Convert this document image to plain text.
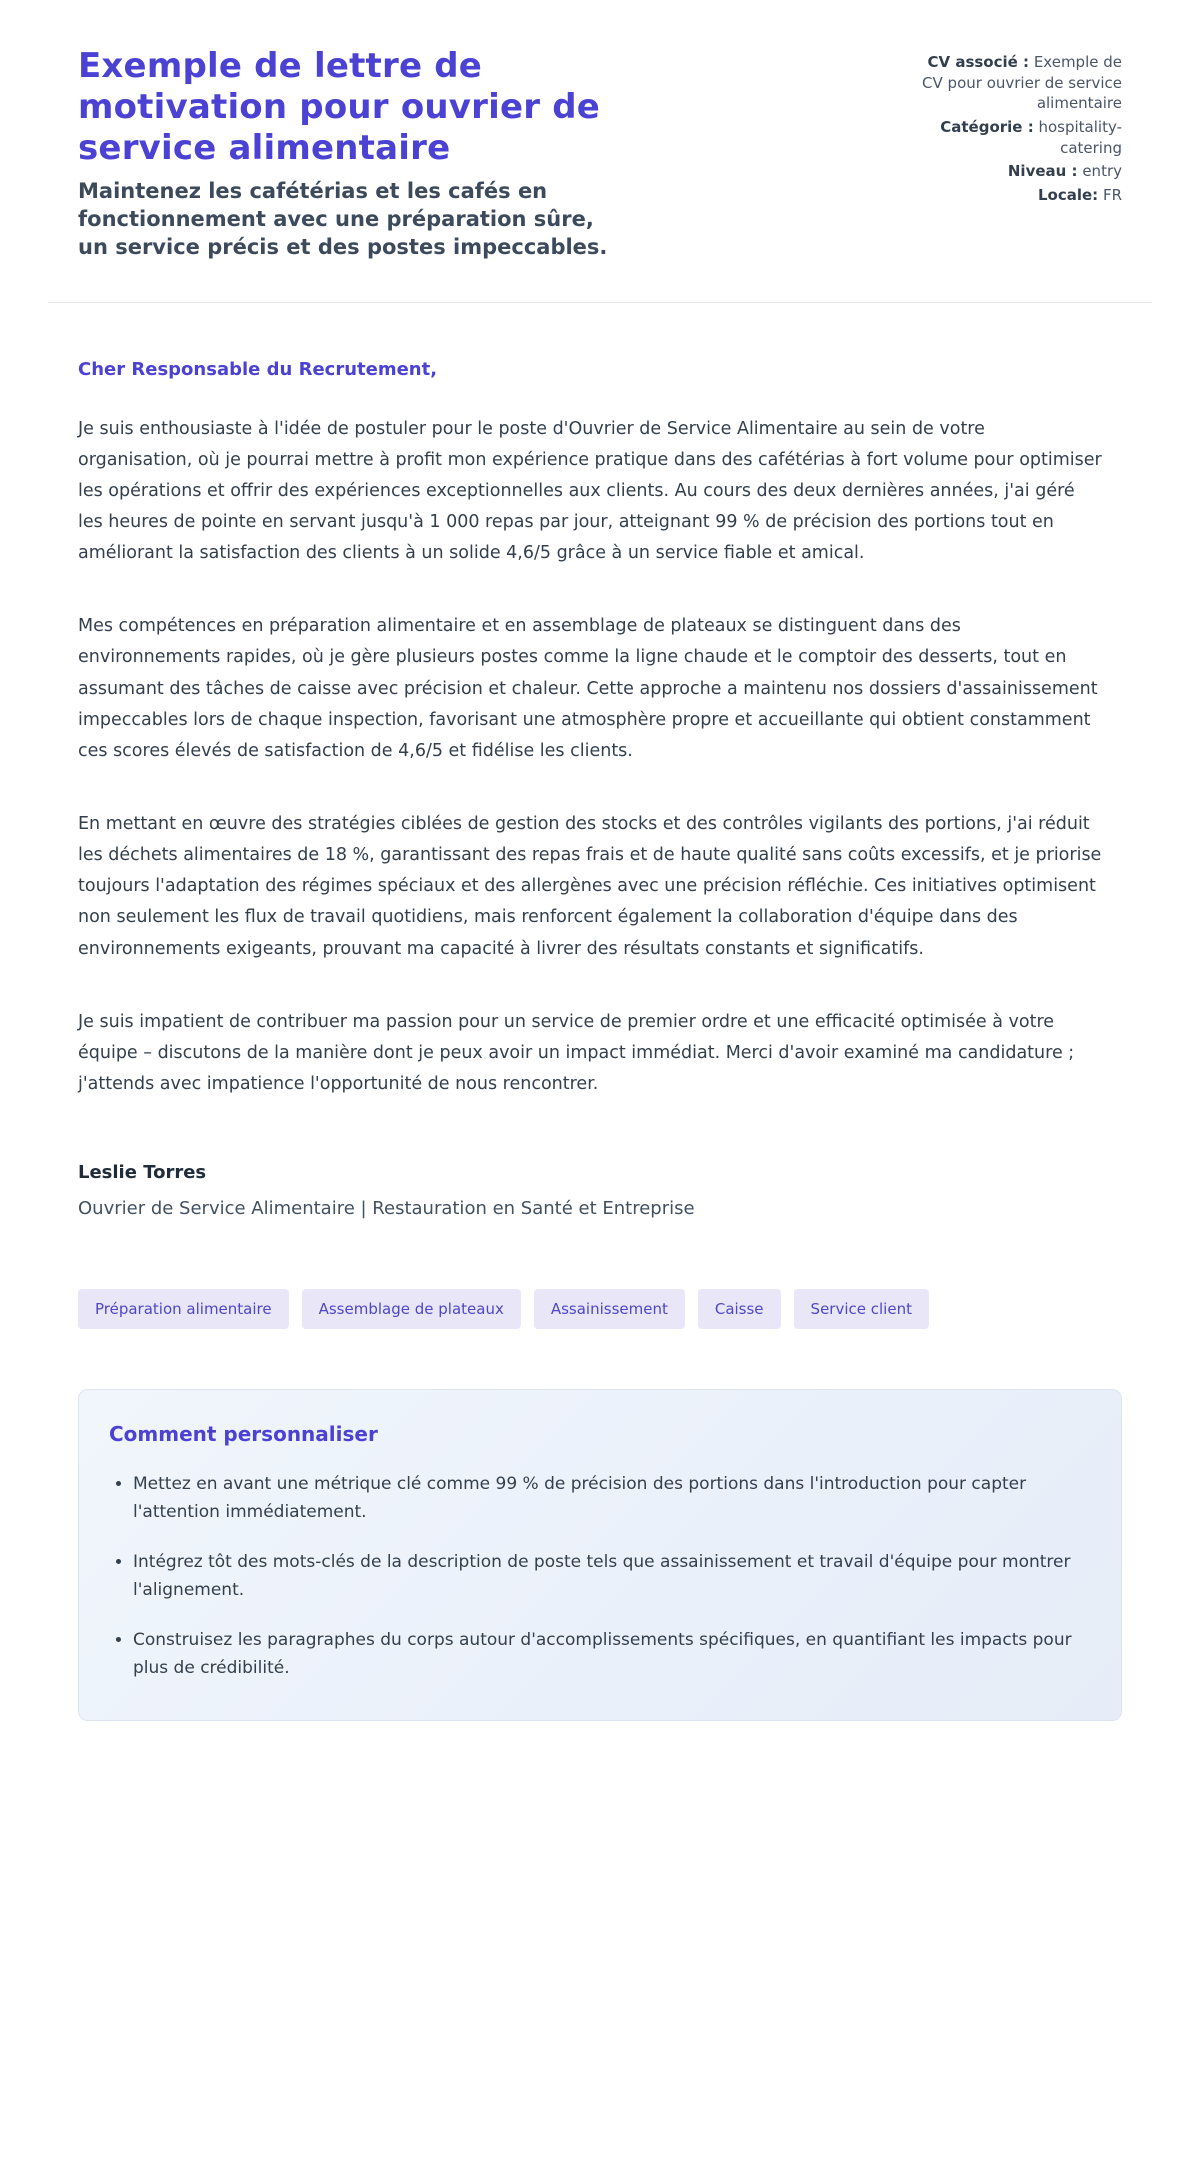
Exemple de lettre de motivation pour ouvrier de service alimentaire
Maintenez les cafétérias et les cafés en fonctionnement avec une préparation sûre, un service précis et des postes impeccables.
CV associé : Exemple de CV pour ouvrier de service alimentaire
Catégorie : hospitality-catering
Niveau : entry
Locale: FR
Cher Responsable du Recrutement,

Je suis enthousiaste à l'idée de postuler pour le poste d'Ouvrier de Service Alimentaire au sein de votre organisation, où je pourrai mettre à profit mon expérience pratique dans des cafétérias à fort volume pour optimiser les opérations et offrir des expériences exceptionnelles aux clients. Au cours des deux dernières années, j'ai géré les heures de pointe en servant jusqu'à 1 000 repas par jour, atteignant 99 % de précision des portions tout en améliorant la satisfaction des clients à un solide 4,6/5 grâce à un service fiable et amical.

Mes compétences en préparation alimentaire et en assemblage de plateaux se distinguent dans des environnements rapides, où je gère plusieurs postes comme la ligne chaude et le comptoir des desserts, tout en assumant des tâches de caisse avec précision et chaleur. Cette approche a maintenu nos dossiers d'assainissement impeccables lors de chaque inspection, favorisant une atmosphère propre et accueillante qui obtient constamment ces scores élevés de satisfaction de 4,6/5 et fidélise les clients.

En mettant en œuvre des stratégies ciblées de gestion des stocks et des contrôles vigilants des portions, j'ai réduit les déchets alimentaires de 18 %, garantissant des repas frais et de haute qualité sans coûts excessifs, et je priorise toujours l'adaptation des régimes spéciaux et des allergènes avec une précision réfléchie. Ces initiatives optimisent non seulement les flux de travail quotidiens, mais renforcent également la collaboration d'équipe dans des environnements exigeants, prouvant ma capacité à livrer des résultats constants et significatifs.

Je suis impatient de contribuer ma passion pour un service de premier ordre et une efficacité optimisée à votre équipe – discutons de la manière dont je peux avoir un impact immédiat. Merci d'avoir examiné ma candidature ; j'attends avec impatience l'opportunité de nous rencontrer.

Leslie Torres
Ouvrier de Service Alimentaire | Restauration en Santé et Entreprise
Préparation alimentaire	Assemblage de plateaux	Assainissement	Caisse	Service client
Comment personnaliser
• Mettez en avant une métrique clé comme 99 % de précision des portions dans l'introduction pour capter l'attention immédiatement.
• Intégrez tôt des mots-clés de la description de poste tels que assainissement et travail d'équipe pour montrer l'alignement.
• Construisez les paragraphes du corps autour d'accomplissements spécifiques, en quantifiant les impacts pour plus de crédibilité.
